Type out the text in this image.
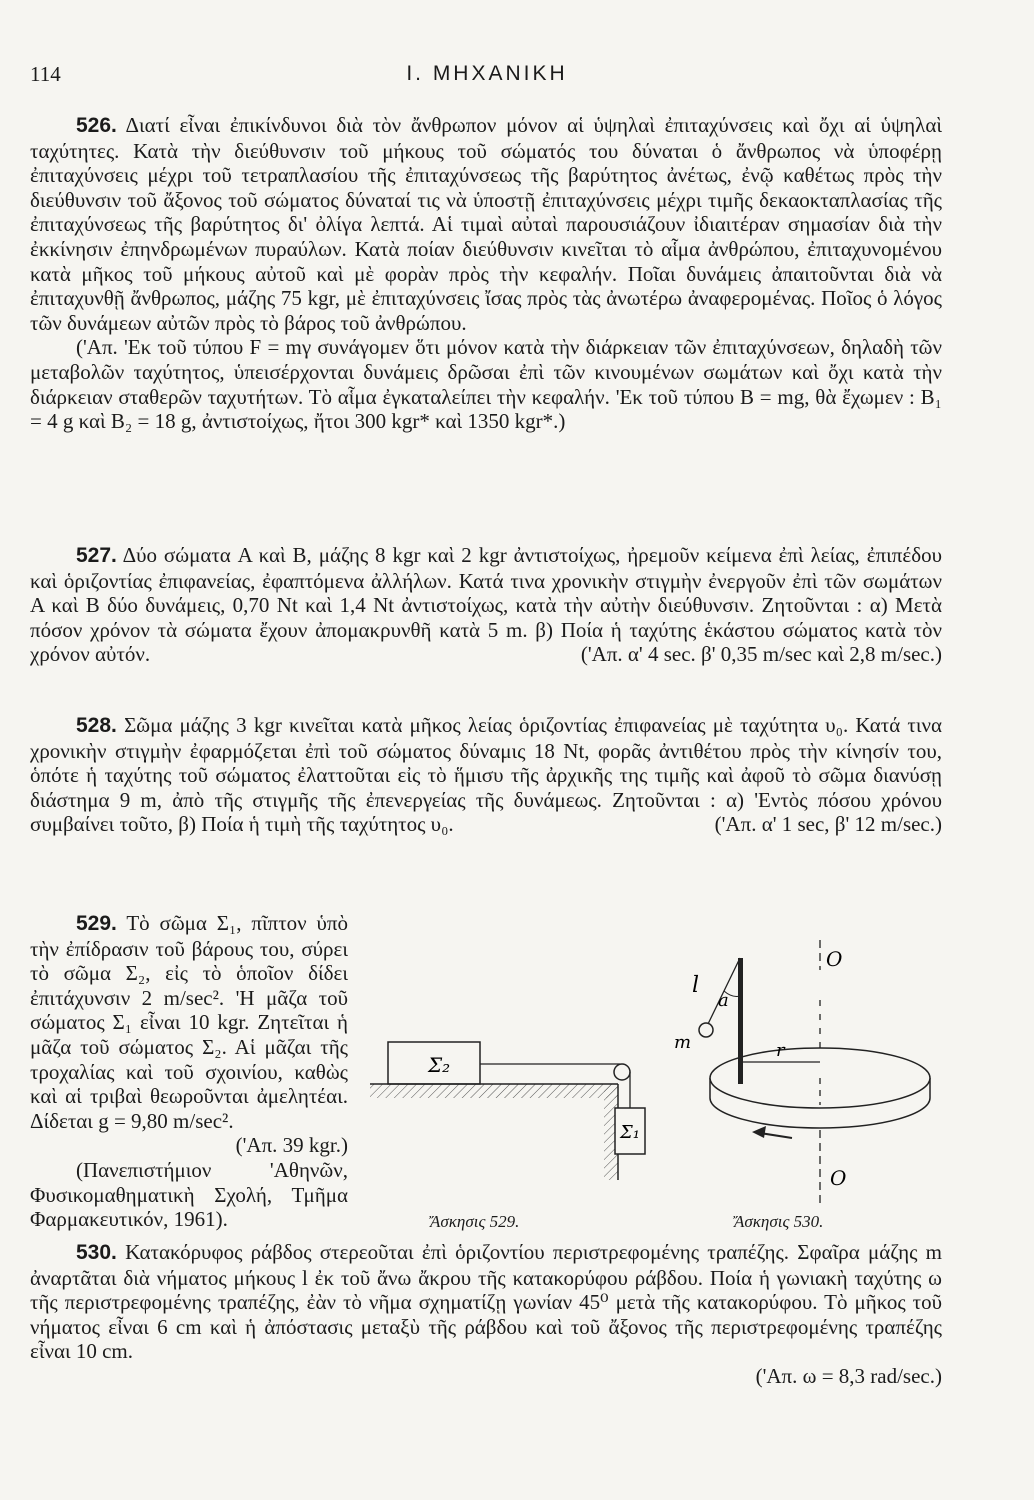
114	I. ΜΗΧΑΝΙΚΗ

526. Διατί εἶναι ἐπικίνδυνοι διὰ τὸν ἄνθρωπον μόνον αἱ ὑψηλαὶ ἐπιταχύνσεις καὶ ὄχι αἱ ὑψηλαὶ ταχύτητες. Κατὰ τὴν διεύθυνσιν τοῦ μήκους τοῦ σώματός του δύναται ὁ ἄνθρωπος νὰ ὑποφέρῃ ἐπιταχύνσεις μέχρι τοῦ τετραπλασίου τῆς ἐπιταχύνσεως τῆς βαρύτητος ἀνέτως, ἐνῷ καθέτως πρὸς τὴν διεύθυνσιν τοῦ ἄξονος τοῦ σώματος δύναταί τις νὰ ὑποστῇ ἐπιταχύνσεις μέχρι τιμῆς δεκαοκταπλασίας τῆς ἐπιταχύνσεως τῆς βαρύτητος δι' ὀλίγα λεπτά. Αἱ τιμαὶ αὐταὶ παρουσιάζουν ἰδιαιτέραν σημασίαν διὰ τὴν ἐκκίνησιν ἐπηνδρωμένων πυραύλων. Κατὰ ποίαν διεύθυνσιν κινεῖται τὸ αἷμα ἀνθρώπου, ἐπιταχυνομένου κατὰ μῆκος τοῦ μήκους αὐτοῦ καὶ μὲ φορὰν πρὸς τὴν κεφαλήν. Ποῖαι δυνάμεις ἀπαιτοῦνται διὰ νὰ ἐπιταχυνθῇ ἄνθρωπος, μάζης 75 kgr, μὲ ἐπιταχύνσεις ἴσας πρὸς τὰς ἀνωτέρω ἀναφερομένας. Ποῖος ὁ λόγος τῶν δυνάμεων αὐτῶν πρὸς τὸ βάρος τοῦ ἀνθρώπου.

('Απ. 'Εκ τοῦ τύπου F = mγ συνάγομεν ὅτι μόνον κατὰ τὴν διάρκειαν τῶν ἐπιταχύνσεων, δηλαδὴ τῶν μεταβολῶν ταχύτητος, ὑπεισέρχονται δυνάμεις δρῶσαι ἐπὶ τῶν κινουμένων σωμάτων καὶ ὄχι κατὰ τὴν διάρκειαν σταθερῶν ταχυτήτων. Τὸ αἷμα ἐγκαταλείπει τὴν κεφαλήν. 'Εκ τοῦ τύπου B = mg, θὰ ἔχωμεν : B₁ = 4 g καὶ B₂ = 18 g, ἀντιστοίχως, ἤτοι 300 kgr* καὶ 1350 kgr*.)

527. Δύο σώματα A καὶ B, μάζης 8 kgr καὶ 2 kgr ἀντιστοίχως, ἠρεμοῦν κείμενα ἐπὶ λείας, ἐπιπέδου καὶ ὁριζοντίας ἐπιφανείας, ἐφαπτόμενα ἀλλήλων. Κατά τινα χρονικὴν στιγμὴν ἐνεργοῦν ἐπὶ τῶν σωμάτων A καὶ B δύο δυνάμεις, 0,70 Nt καὶ 1,4 Nt ἀντιστοίχως, κατὰ τὴν αὐτὴν διεύθυνσιν. Ζητοῦνται : α) Μετὰ πόσον χρόνον τὰ σώματα ἔχουν ἀπομακρυνθῆ κατὰ 5 m. β) Ποία ἡ ταχύτης ἑκάστου σώματος κατὰ τὸν χρόνον αὐτόν.	('Απ. α' 4 sec. β' 0,35 m/sec καὶ 2,8 m/sec.)

528. Σῶμα μάζης 3 kgr κινεῖται κατὰ μῆκος λείας ὁριζοντίας ἐπιφανείας μὲ ταχύτητα υ₀. Κατά τινα χρονικὴν στιγμὴν ἐφαρμόζεται ἐπὶ τοῦ σώματος δύναμις 18 Nt, φορᾶς ἀντιθέτου πρὸς τὴν κίνησίν του, ὁπότε ἡ ταχύτης τοῦ σώματος ἐλαττοῦται εἰς τὸ ἥμισυ τῆς ἀρχικῆς της τιμῆς καὶ ἀφοῦ τὸ σῶμα διανύσῃ διάστημα 9 m, ἀπὸ τῆς στιγμῆς τῆς ἐπενεργείας τῆς δυνάμεως. Ζητοῦνται : α) 'Εντὸς πόσου χρόνου συμβαίνει τοῦτο, β) Ποία ἡ τιμὴ τῆς ταχύτητος υ₀.	('Απ. α' 1 sec, β' 12 m/sec.)

529. Τὸ σῶμα Σ₁, πῖπτον ὑπὸ τὴν ἐπίδρασιν τοῦ βάρους του, σύρει τὸ σῶμα Σ₂, εἰς τὸ ὁποῖον δίδει ἐπιτάχυνσιν 2 m/sec². 'Η μᾶζα τοῦ σώματος Σ₁ εἶναι 10 kgr. Ζητεῖται ἡ μᾶζα τοῦ σώματος Σ₂. Αἱ μᾶζαι τῆς τροχαλίας καὶ τοῦ σχοινίου, καθὼς καὶ αἱ τριβαὶ θεωροῦνται ἀμελητέαι. Δίδεται g = 9,80 m/sec².
('Απ. 39 kgr.)

(Πανεπιστήμιον 'Αθηνῶν, Φυσικομαθηματικὴ Σχολή, Τμῆμα Φαρμακευτικόν, 1961).

Σ₂
Σ₁
Ἄσκησις 529.
O
O
l
a
m	r
Ἄσκησις 530.

530. Κατακόρυφος ράβδος στερεοῦται ἐπὶ ὁριζοντίου περιστρεφομένης τραπέζης. Σφαῖρα μάζης m ἀναρτᾶται διὰ νήματος μήκους l ἐκ τοῦ ἄνω ἄκρου τῆς κατακορύφου ράβδου. Ποία ἡ γωνιακὴ ταχύτης ω τῆς περιστρεφομένης τραπέζης, ἐὰν τὸ νῆμα σχηματίζῃ γωνίαν 45⁰ μετὰ τῆς κατακορύφου. Τὸ μῆκος τοῦ νήματος εἶναι 6 cm καὶ ἡ ἀπόστασις μεταξὺ τῆς ράβδου καὶ τοῦ ἄξονος τῆς περιστρεφομένης τραπέζης εἶναι 10 cm.

('Απ. ω = 8,3 rad/sec.)
